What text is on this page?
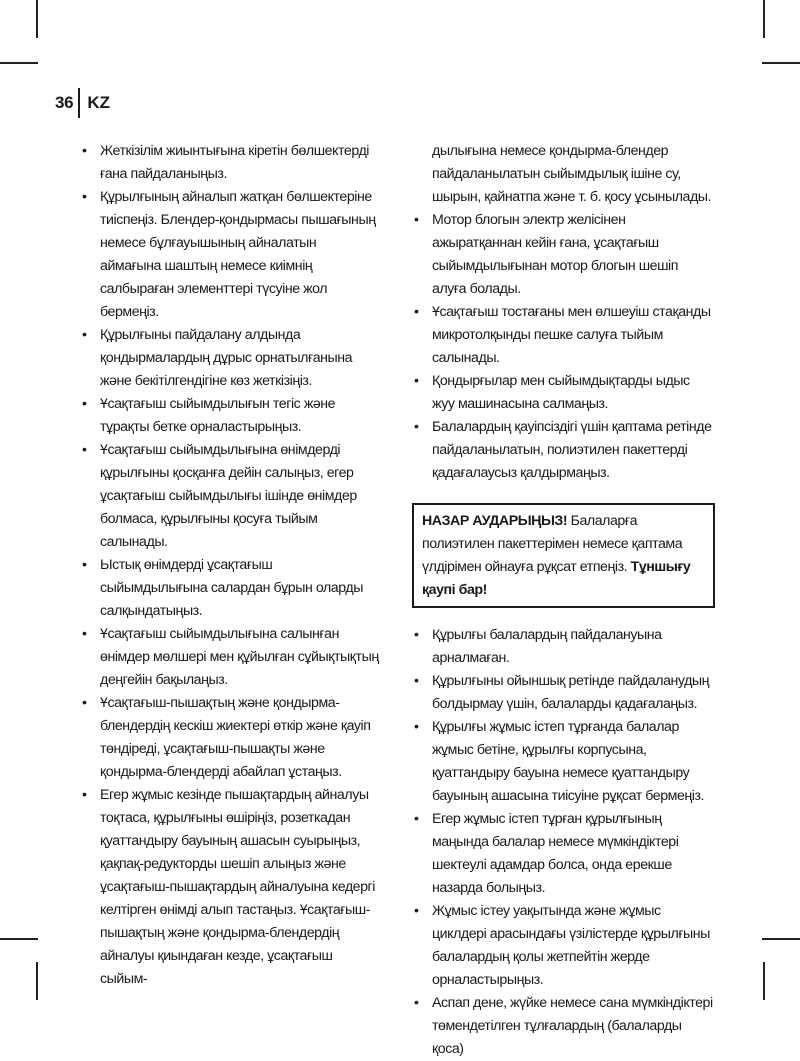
36 KZ
• Жеткізілім жиынтығына кіретін бөлшектерді ғана пайдаланыңыз.
• Құрылғының айналып жатқан бөлшектеріне тиіспеңіз. Блендер-қондырмасы пышағының немесе бұлғауышының айналатын аймағына шаштың немесе киімнің салбыраған элементтері түсуіне жол бермеңіз.
• Құрылғыны пайдалану алдында қондырмалардың дұрыс орнатылғанына және бекітілгендігіне көз жеткізіңіз.
• Ұсақтағыш сыйымдылығын тегіс және тұрақты бетке орналастырыңыз.
• Ұсақтағыш сыйымдылығына өнімдерді құрылғыны қосқанға дейін салыңыз, егер ұсақтағыш сыйымдылығы ішінде өнімдер болмаса, құрылғыны қосуға тыйым салынады.
• Ыстық өнімдерді ұсақтағыш сыйымдылығына салардан бұрын оларды салқындатыңыз.
• Ұсақтағыш сыйымдылығына салынған өнімдер мөлшері мен құйылған сұйықтықтың деңгейін бақылаңыз.
• Ұсақтағыш-пышақтың және қондырма-блендердің кескіш жиектері өткір және қауіп төндіреді, ұсақтағыш-пышақты және қондырма-блендерді абайлап ұстаңыз.
• Егер жұмыс кезінде пышақтардың айналуы тоқтаса, құрылғыны өшіріңіз, розеткадан қуаттандыру бауының ашасын суырыңыз, қақпақ-редукторды шешіп алыңыз және ұсақтағыш-пышақтардың айналуына кедергі келтірген өнімді алып тастаңыз. Ұсақтағыш-пышақтың және қондырма-блендердің айналуы қиындаған кезде, ұсақтағыш сыйым-
дылығына немесе қондырма-блендер пайдаланылатын сыйымдылық ішіне су, шырын, қайнатпа және т. б. қосу ұсынылады.
• Мотор блогын электр желісінен ажыратқаннан кейін ғана, ұсақтағыш сыйымдылығынан мотор блогын шешіп алуға болады.
• Ұсақтағыш тостағаны мен өлшеуіш стақанды микротолқынды пешке салуға тыйым салынады.
• Қондырғылар мен сыйымдықтарды ыдыс жуу машинасына салмаңыз.
• Балалардың қауіпсіздігі үшін қаптама ретінде пайдаланылатын, полиэтилен пакеттерді қадағалаусыз қалдырмаңыз.
НАЗАР АУДАРЫҢЫЗ! Балаларға полиэтилен пакеттерімен немесе қаптама үлдірімен ойнауға рұқсат етпеңіз. Тұншығу қаупі бар!
• Құрылғы балалардың пайдалануына арналмаған.
• Құрылғыны ойыншық ретінде пайдаланудың болдырмау үшін, балаларды қадағалаңыз.
• Құрылғы жұмыс істеп тұрғанда балалар жұмыс бетіне, құрылғы корпусына, қуаттандыру бауына немесе қуаттандыру бауының ашасына тиісуіне рұқсат бермеңіз.
• Егер жұмыс істеп тұрған құрылғының маңында балалар немесе мүмкіндіктері шектеулі адамдар болса, онда ерекше назарда болыңыз.
• Жұмыс істеу уақытында және жұмыс циклдері арасындағы үзілістерде құрылғыны балалардың қолы жетпейтін жерде орналастырыңыз.
• Аспап дене, жүйке немесе сана мүмкіндіктері төмендетілген тұлғалардың (балаларды қоса)
